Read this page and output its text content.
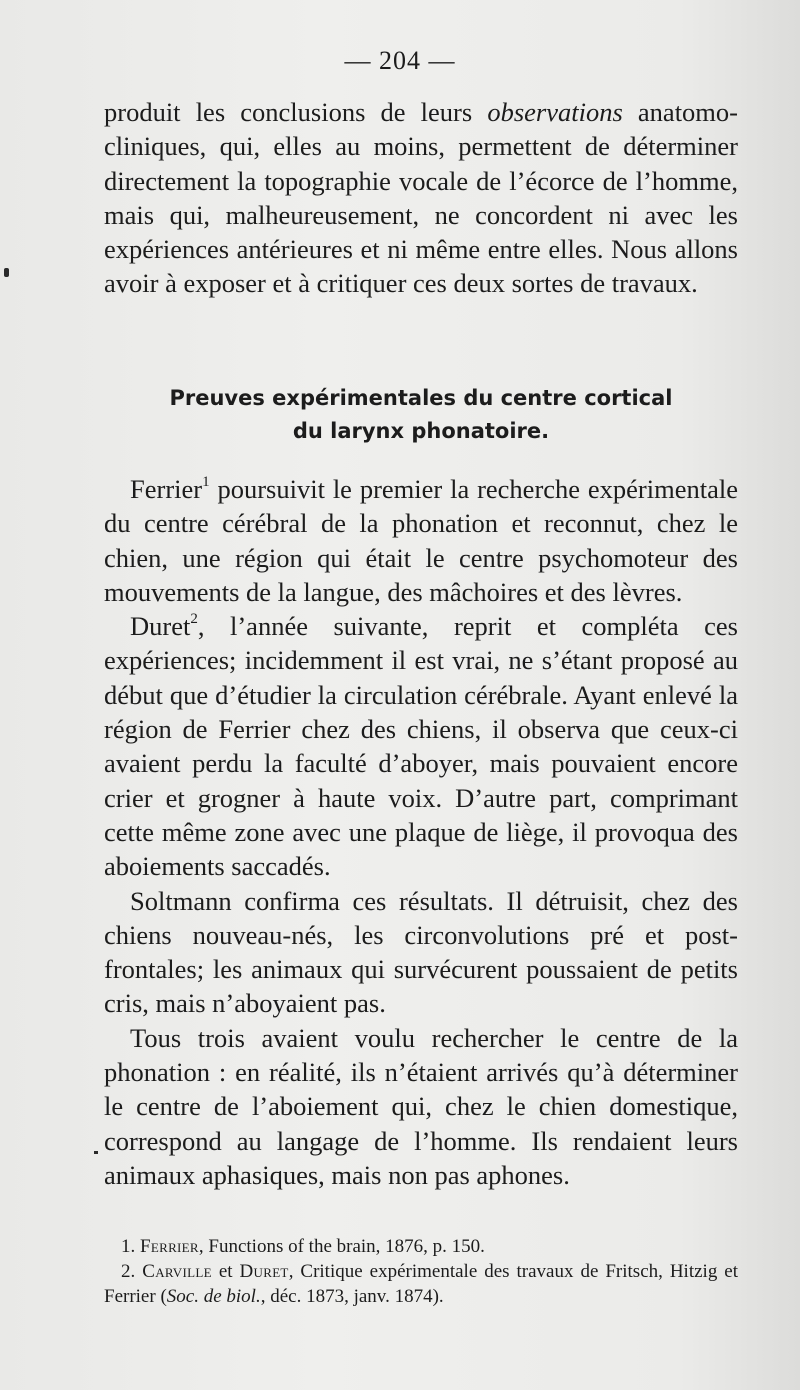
— 204 —

produit les conclusions de leurs observations anatomo-cliniques, qui, elles au moins, permettent de déterminer directement la topographie vocale de l’écorce de l’homme, mais qui, malheureusement, ne concordent ni avec les expériences antérieures et ni même entre elles. Nous allons avoir à exposer et à critiquer ces deux sortes de travaux.

Preuves expérimentales du centre cortical
du larynx phonatoire.

Ferrier$^1$ poursuivit le premier la recherche expérimentale du centre cérébral de la phonation et reconnut, chez le chien, une région qui était le centre psychomoteur des mouvements de la langue, des mâchoires et des lèvres.

Duret$^2$, l’année suivante, reprit et compléta ces expériences; incidemment il est vrai, ne s’étant proposé au début que d’étudier la circulation cérébrale. Ayant enlevé la région de Ferrier chez des chiens, il observa que ceux-ci avaient perdu la faculté d’aboyer, mais pouvaient encore crier et grogner à haute voix. D’autre part, comprimant cette même zone avec une plaque de liège, il provoqua des aboiements saccadés.

Soltmann confirma ces résultats. Il détruisit, chez des chiens nouveau-nés, les circonvolutions pré et post-frontales; les animaux qui survécurent poussaient de petits cris, mais n’aboyaient pas.

Tous trois avaient voulu rechercher le centre de la phonation : en réalité, ils n’étaient arrivés qu’à déterminer le centre de l’aboiement qui, chez le chien domestique, correspond au langage de l’homme. Ils rendaient leurs animaux aphasiques, mais non pas aphones.

1. Ferrier, Functions of the brain, 1876, p. 150.
2. Carville et Duret, Critique expérimentale des travaux de Fritsch, Hitzig et Ferrier (Soc. de biol., déc. 1873, janv. 1874).
